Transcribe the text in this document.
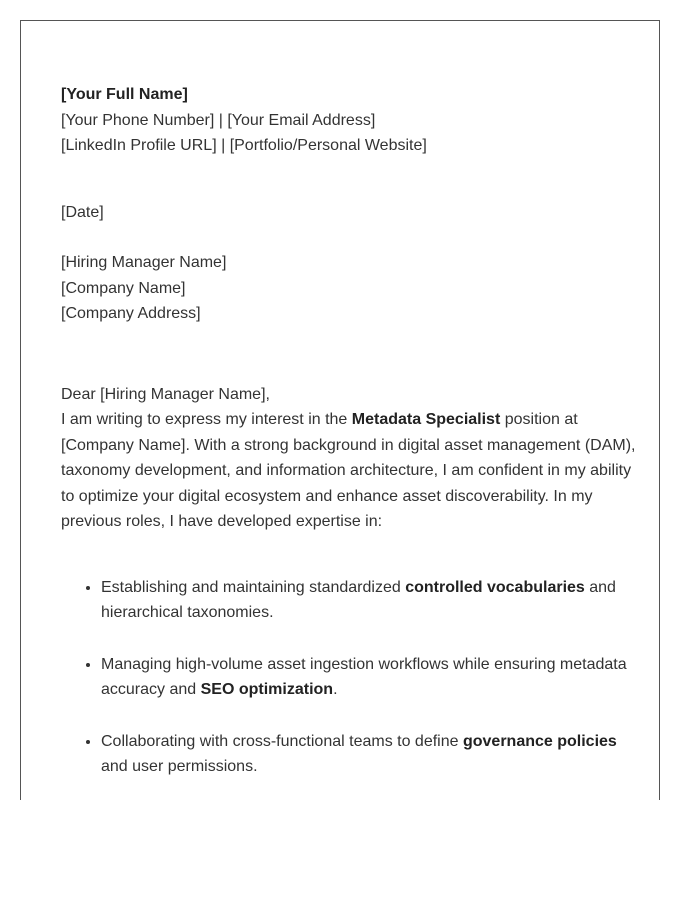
[Your Full Name]
[Your Phone Number] | [Your Email Address]
[LinkedIn Profile URL] | [Portfolio/Personal Website]
[Date]
[Hiring Manager Name]
[Company Name]
[Company Address]
Dear [Hiring Manager Name],

I am writing to express my interest in the Metadata Specialist position at [Company Name]. With a strong background in digital asset management (DAM), taxonomy development, and information architecture, I am confident in my ability to optimize your digital ecosystem and enhance asset discoverability. In my previous roles, I have developed expertise in:

• Establishing and maintaining standardized controlled vocabularies and hierarchical taxonomies.
• Managing high-volume asset ingestion workflows while ensuring metadata accuracy and SEO optimization.
• Collaborating with cross-functional teams to define governance policies and user permissions.
